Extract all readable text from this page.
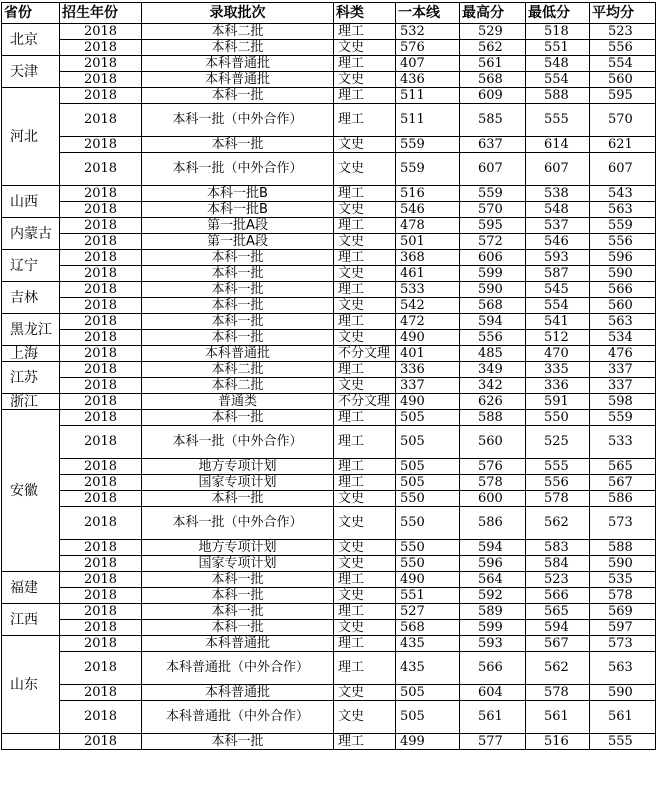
省份	招生年份	录取批次	科类	一本线	最高分	最低分	平均分
北京	2018	本科二批	理工	532	529	518	523
	2018	本科二批	文史	576	562	551	556
天津	2018	本科普通批	理工	407	561	548	554
	2018	本科普通批	文史	436	568	554	560
河北	2018	本科一批	理工	511	609	588	595
	2018	本科一批（中外合作）	理工	511	585	555	570
	2018	本科一批	文史	559	637	614	621
	2018	本科一批（中外合作）	文史	559	607	607	607
山西	2018	本科一批B	理工	516	559	538	543
	2018	本科一批B	文史	546	570	548	563
内蒙古	2018	第一批A段	理工	478	595	537	559
	2018	第一批A段	文史	501	572	546	556
辽宁	2018	本科一批	理工	368	606	593	596
	2018	本科一批	文史	461	599	587	590
吉林	2018	本科一批	理工	533	590	545	566
	2018	本科一批	文史	542	568	554	560
黑龙江	2018	本科一批	理工	472	594	541	563
	2018	本科一批	文史	490	556	512	534
上海	2018	本科普通批	不分文理	401	485	470	476
江苏	2018	本科二批	理工	336	349	335	337
	2018	本科二批	文史	337	342	336	337
浙江	2018	普通类	不分文理	490	626	591	598
安徽	2018	本科一批	理工	505	588	550	559
	2018	本科一批（中外合作）	理工	505	560	525	533
	2018	地方专项计划	理工	505	576	555	565
	2018	国家专项计划	理工	505	578	556	567
	2018	本科一批	文史	550	600	578	586
	2018	本科一批（中外合作）	文史	550	586	562	573
	2018	地方专项计划	文史	550	594	583	588
	2018	国家专项计划	文史	550	596	584	590
福建	2018	本科一批	理工	490	564	523	535
	2018	本科一批	文史	551	592	566	578
江西	2018	本科一批	理工	527	589	565	569
	2018	本科一批	文史	568	599	594	597
山东	2018	本科普通批	理工	435	593	567	573
	2018	本科普通批（中外合作）	理工	435	566	562	563
	2018	本科普通批	文史	505	604	578	590
	2018	本科普通批（中外合作）	文史	505	561	561	561
	2018	本科一批	理工	499	577	516	555
